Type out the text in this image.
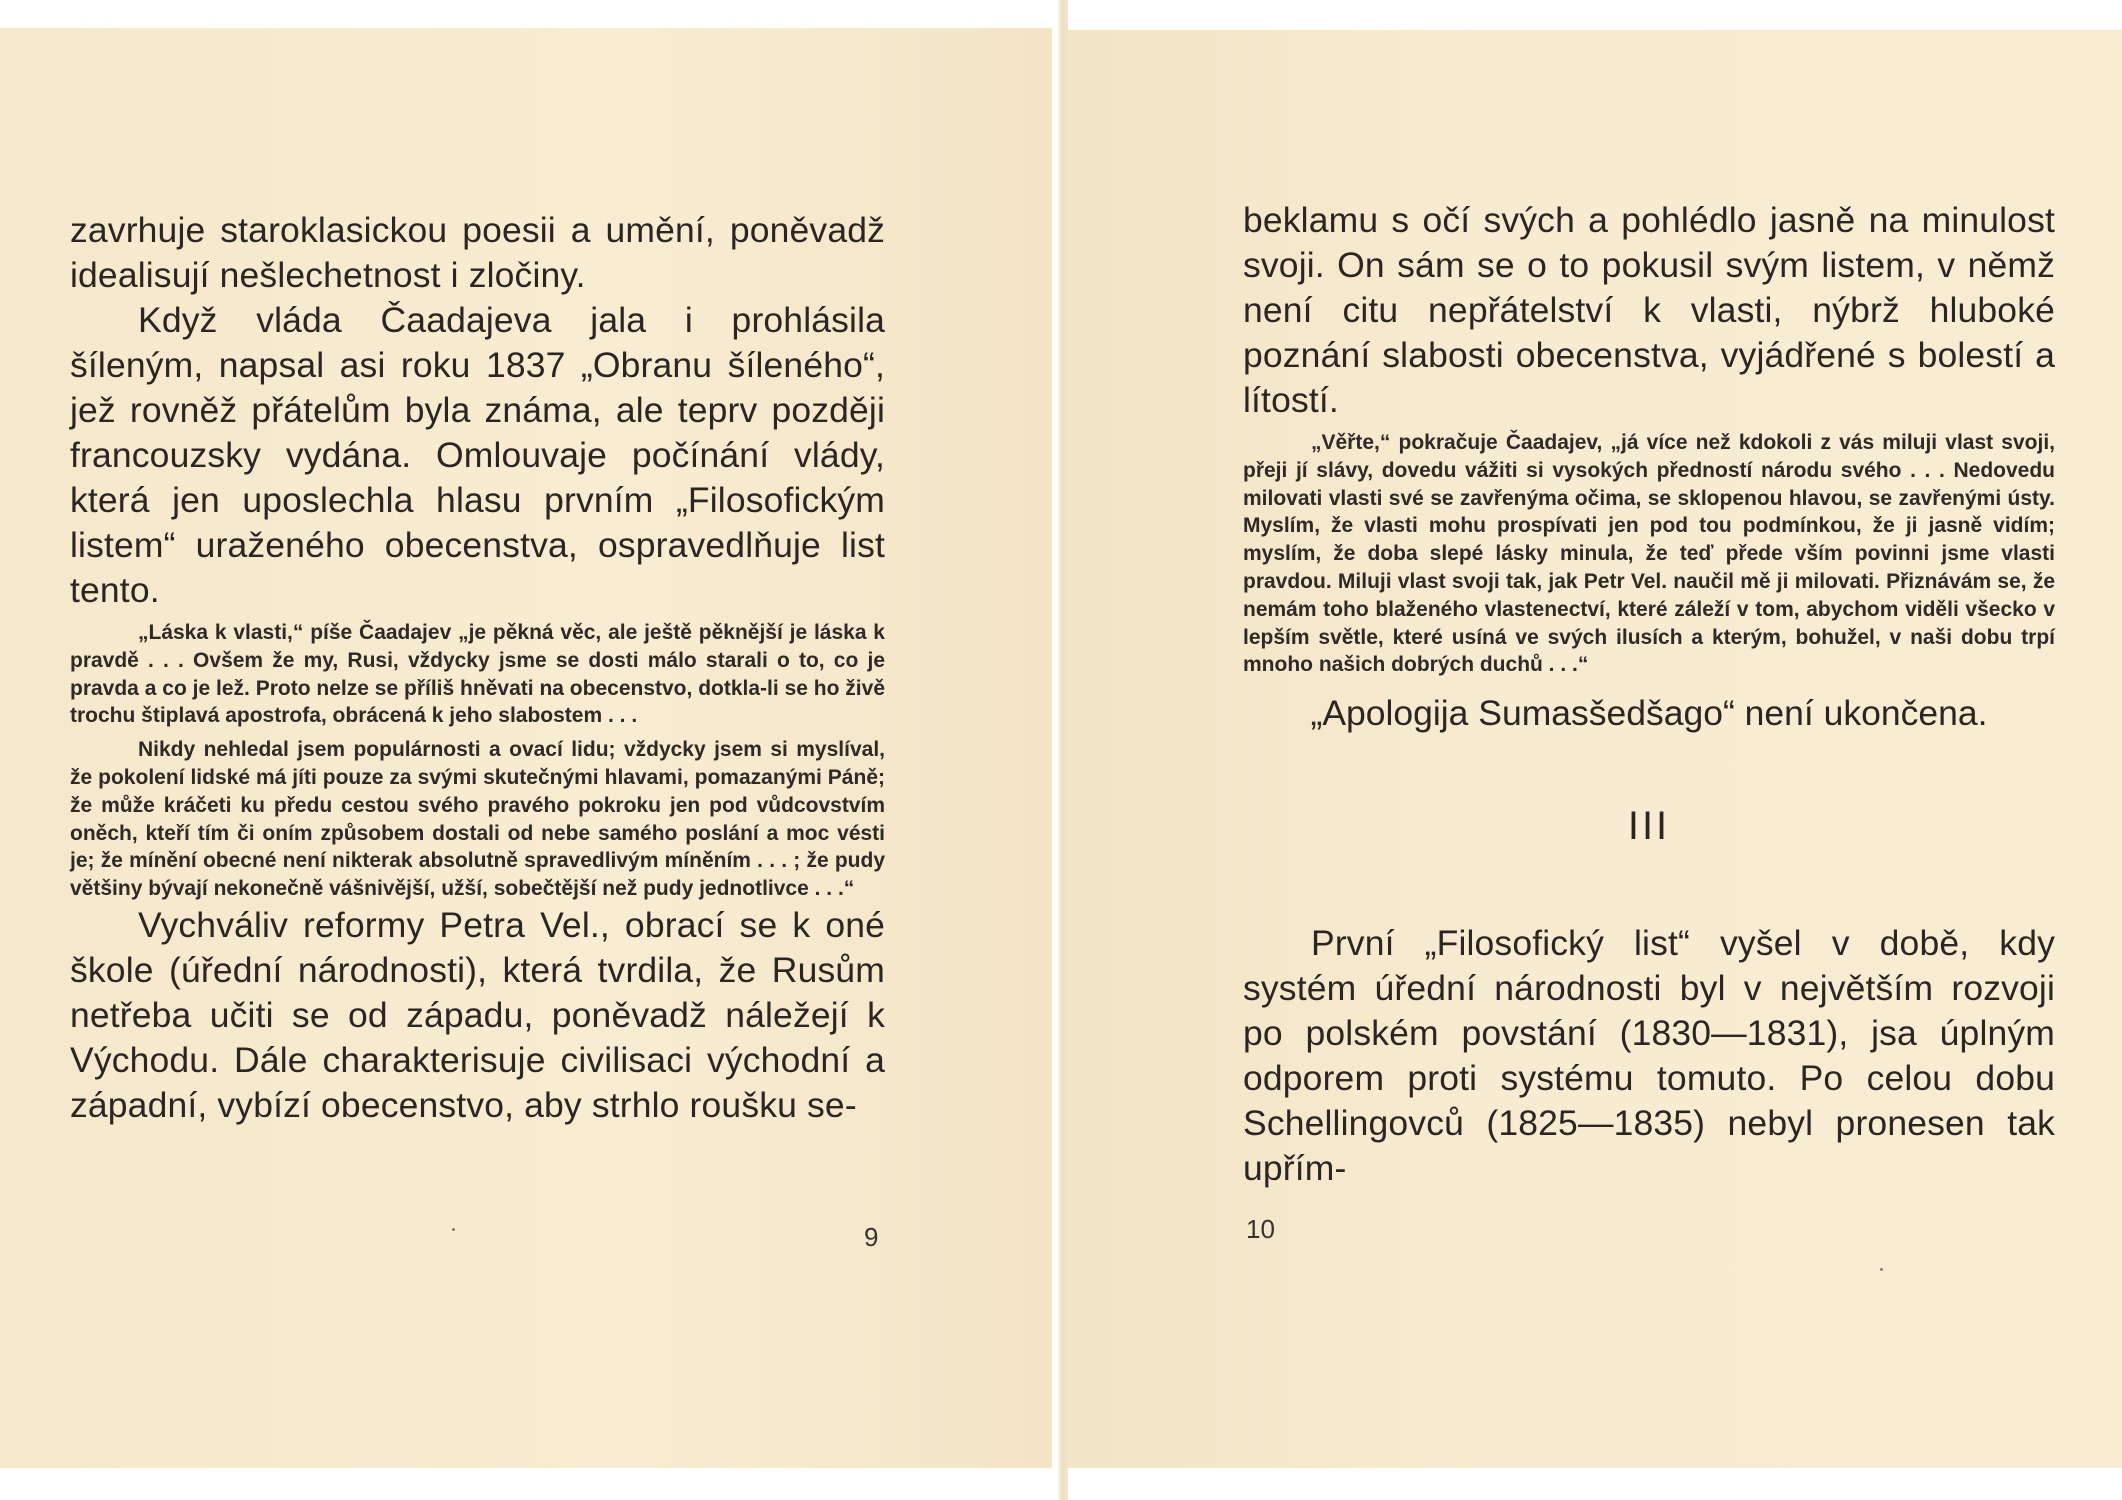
zavrhuje staroklasickou poesii a umění, poněvadž idealisují nešlechetnost i zločiny.

Když vláda Čaadajeva jala i prohlásila šíleným, napsal asi roku 1837 „Obranu šíleného“, jež rovněž přátelům byla známa, ale teprv později francouzsky vydána. Omlouvaje počínání vlády, která jen uposlechla hlasu prvním „Filosofickým listem“ uraženého obecenstva, ospravedlňuje list tento.

„Láska k vlasti,“ píše Čaadajev „je pěkná věc, ale ještě pěknější je láska k pravdě . . . Ovšem že my, Rusi, vždycky jsme se dosti málo starali o to, co je pravda a co je lež. Proto nelze se příliš hněvati na obecenstvo, dotkla-li se ho živě trochu štiplavá apostrofa, obrácená k jeho slabostem . . .

Nikdy nehledal jsem populárnosti a ovací lidu; vždycky jsem si myslíval, že pokolení lidské má jíti pouze za svými skutečnými hlavami, pomazanými Páně; že může kráčeti ku předu cestou svého pravého pokroku jen pod vůdcovstvím oněch, kteří tím či oním způsobem dostali od nebe samého poslání a moc vésti je; že mínění obecné není nikterak absolutně spravedlivým míněním . . . ; že pudy většiny bývají nekonečně vášnivější, užší, sobečtější než pudy jednotlivce . . .“

Vychváliv reformy Petra Vel., obrací se k oné škole (úřední národnosti), která tvrdila, že Rusům netřeba učiti se od západu, poněvadž náležejí k Východu. Dále charakterisuje civilisaci východní a západní, vybízí obecenstvo, aby strhlo roušku se-

9

beklamu s očí svých a pohlédlo jasně na minulost svoji. On sám se o to pokusil svým listem, v němž není citu nepřátelství k vlasti, nýbrž hluboké poznání slabosti obecenstva, vyjádřené s bolestí a lítostí.

„Věřte,“ pokračuje Čaadajev, „já více než kdokoli z vás miluji vlast svoji, přeji jí slávy, dovedu vážiti si vysokých předností národu svého . . . Nedovedu milovati vlasti své se zavřenýma očima, se sklopenou hlavou, se zavřenými ústy. Myslím, že vlasti mohu prospívati jen pod tou podmínkou, že ji jasně vidím; myslím, že doba slepé lásky minula, že teď přede vším povinni jsme vlasti pravdou. Miluji vlast svoji tak, jak Petr Vel. naučil mě ji milovati. Přiznávám se, že nemám toho blaženého vlastenectví, které záleží v tom, abychom viděli všecko v lepším světle, které usíná ve svých ilusích a kterým, bohužel, v naši dobu trpí mnoho našich dobrých duchů . . .“

„Apologija Sumasšedšago“ není ukončena.

III

První „Filosofický list“ vyšel v době, kdy systém úřední národnosti byl v největším rozvoji po polském povstání (1830—1831), jsa úplným odporem proti systému tomuto. Po celou dobu Schellingovců (1825—1835) nebyl pronesen tak upřím-

10
